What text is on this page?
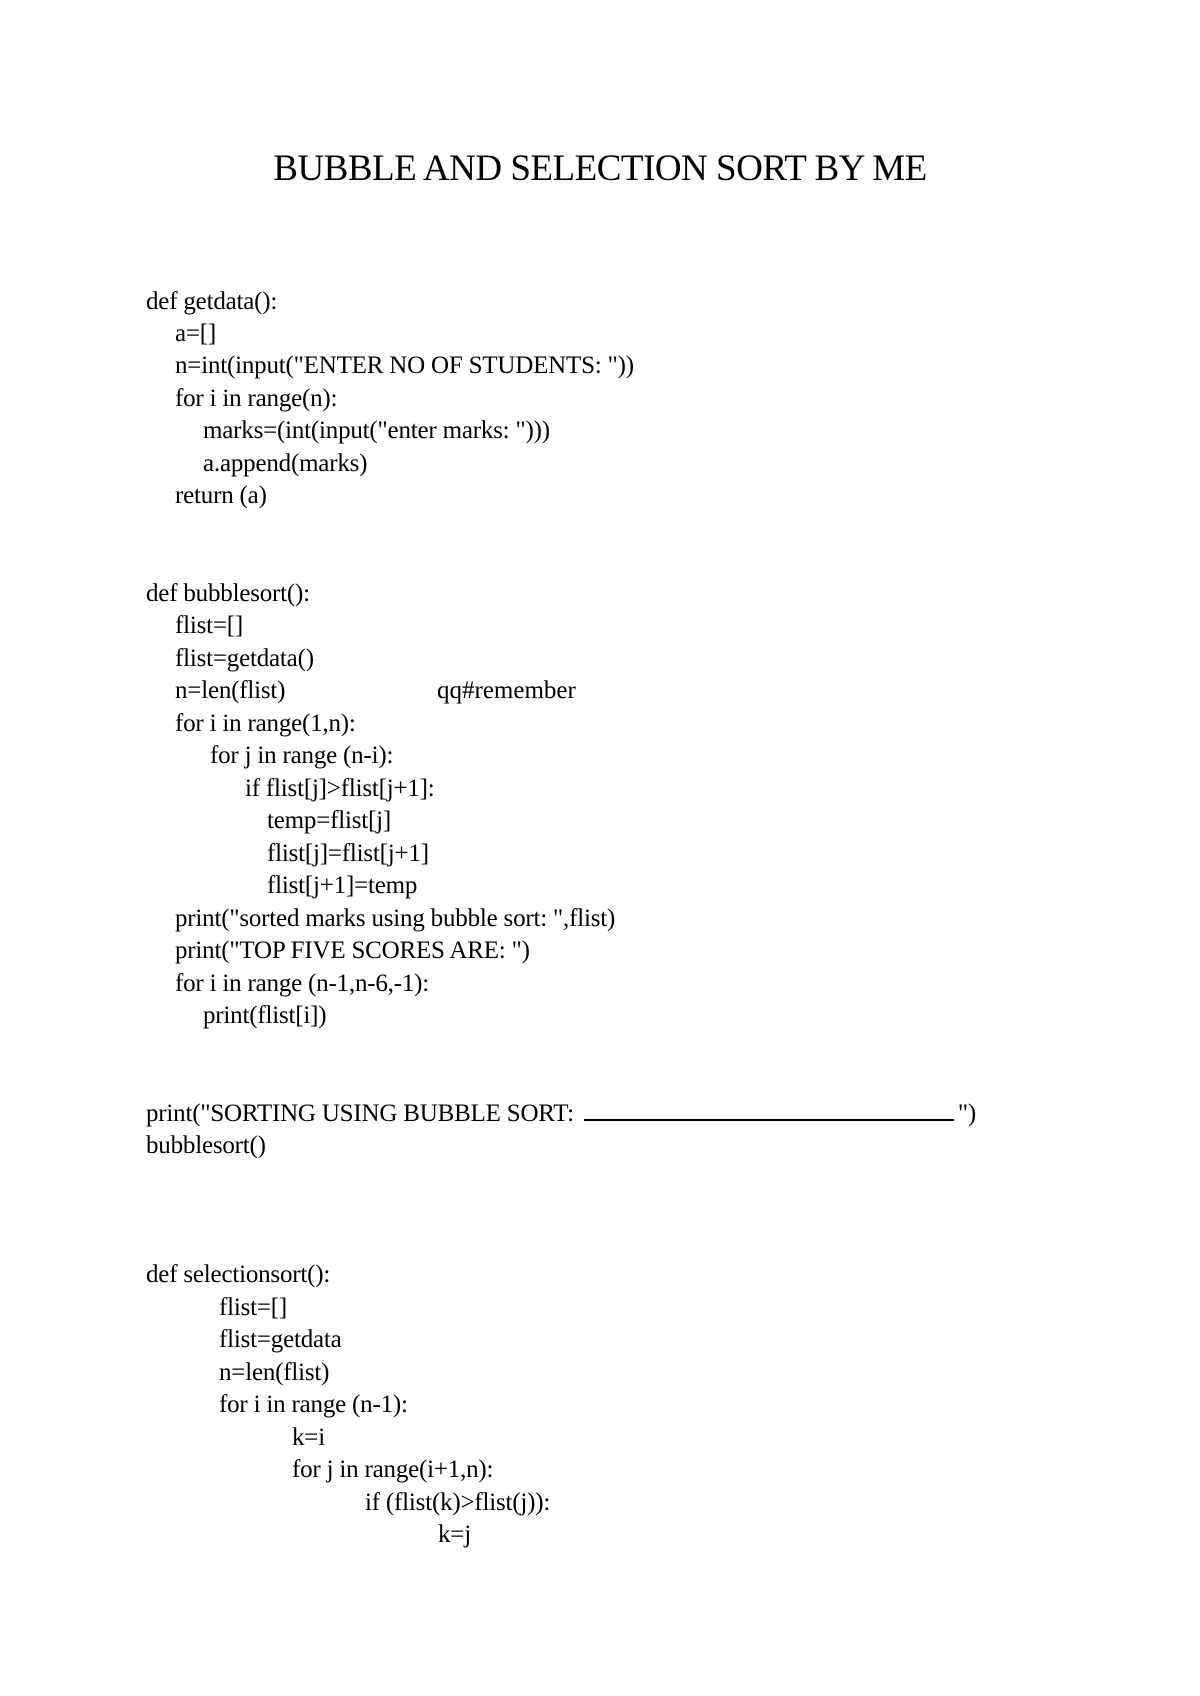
BUBBLE AND SELECTION SORT BY ME
def getdata():
a=[]
n=int(input("ENTER NO OF STUDENTS: "))
for i in range(n):
marks=(int(input("enter marks: ")))
a.append(marks)
return (a)
def bubblesort():
flist=[]
flist=getdata()
n=len(flist)	qq#remember
for i in range(1,n):
for j in range (n-i):
if flist[j]>flist[j+1]:
temp=flist[j]
flist[j]=flist[j+1]
flist[j+1]=temp
print("sorted marks using bubble sort: ",flist)
print("TOP FIVE SCORES ARE: ")
for i in range (n-1,n-6,-1):
print(flist[i])
print("SORTING USING BUBBLE SORT:	")
bubblesort()
def selectionsort():
flist=[]
flist=getdata
n=len(flist)
for i in range (n-1):
k=i
for j in range(i+1,n):
if (flist(k)>flist(j)):
k=j
